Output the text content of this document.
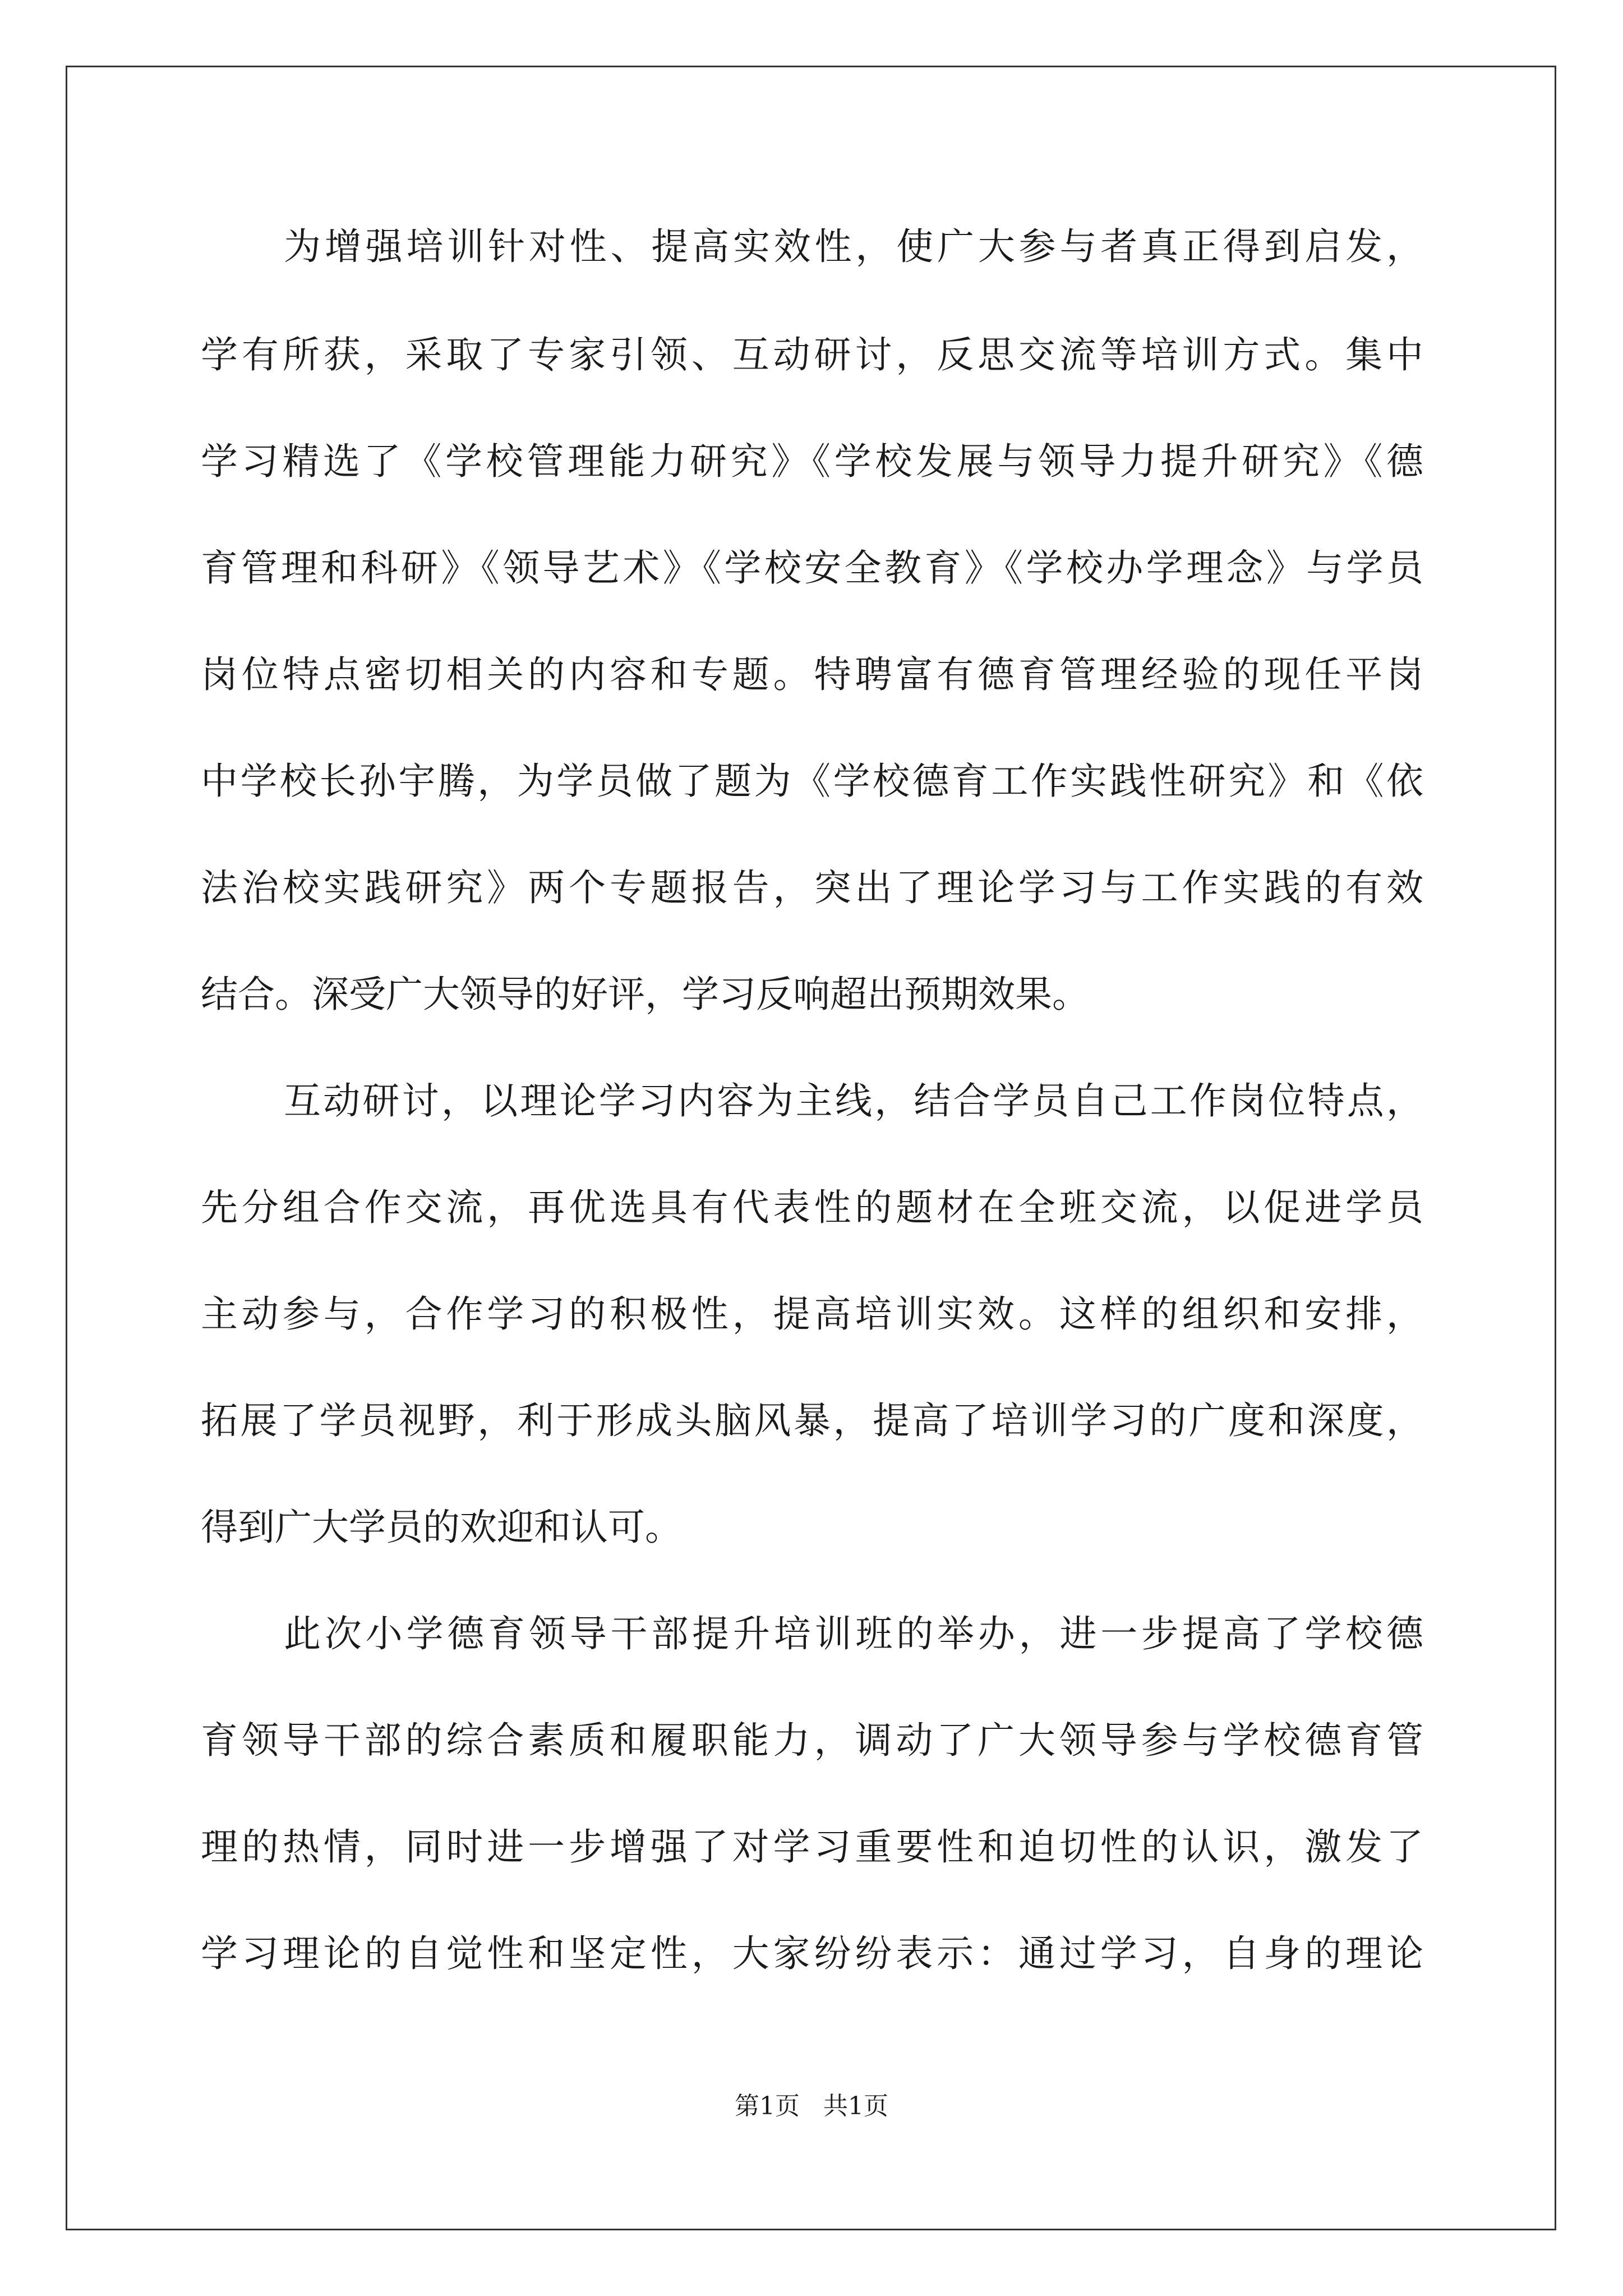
为增强培训针对性、提高实效性，使广大参与者真正得到启发，
学有所获，采取了专家引领、互动研讨，反思交流等培训方式。集中
学习精选了《学校管理能力研究》《学校发展与领导力提升研究》《德
育管理和科研》《领导艺术》《学校安全教育》《学校办学理念》与学员
岗位特点密切相关的内容和专题。特聘富有德育管理经验的现任平岗
中学校长孙宇腾，为学员做了题为《学校德育工作实践性研究》和《依
法治校实践研究》两个专题报告，突出了理论学习与工作实践的有效
结合。深受广大领导的好评，学习反响超出预期效果。
互动研讨，以理论学习内容为主线，结合学员自己工作岗位特点，
先分组合作交流，再优选具有代表性的题材在全班交流，以促进学员
主动参与，合作学习的积极性，提高培训实效。这样的组织和安排，
拓展了学员视野，利于形成头脑风暴，提高了培训学习的广度和深度，
得到广大学员的欢迎和认可。
此次小学德育领导干部提升培训班的举办，进一步提高了学校德
育领导干部的综合素质和履职能力，调动了广大领导参与学校德育管
理的热情，同时进一步增强了对学习重要性和迫切性的认识，激发了
学习理论的自觉性和坚定性，大家纷纷表示：通过学习，自身的理论
第1页 共1页
